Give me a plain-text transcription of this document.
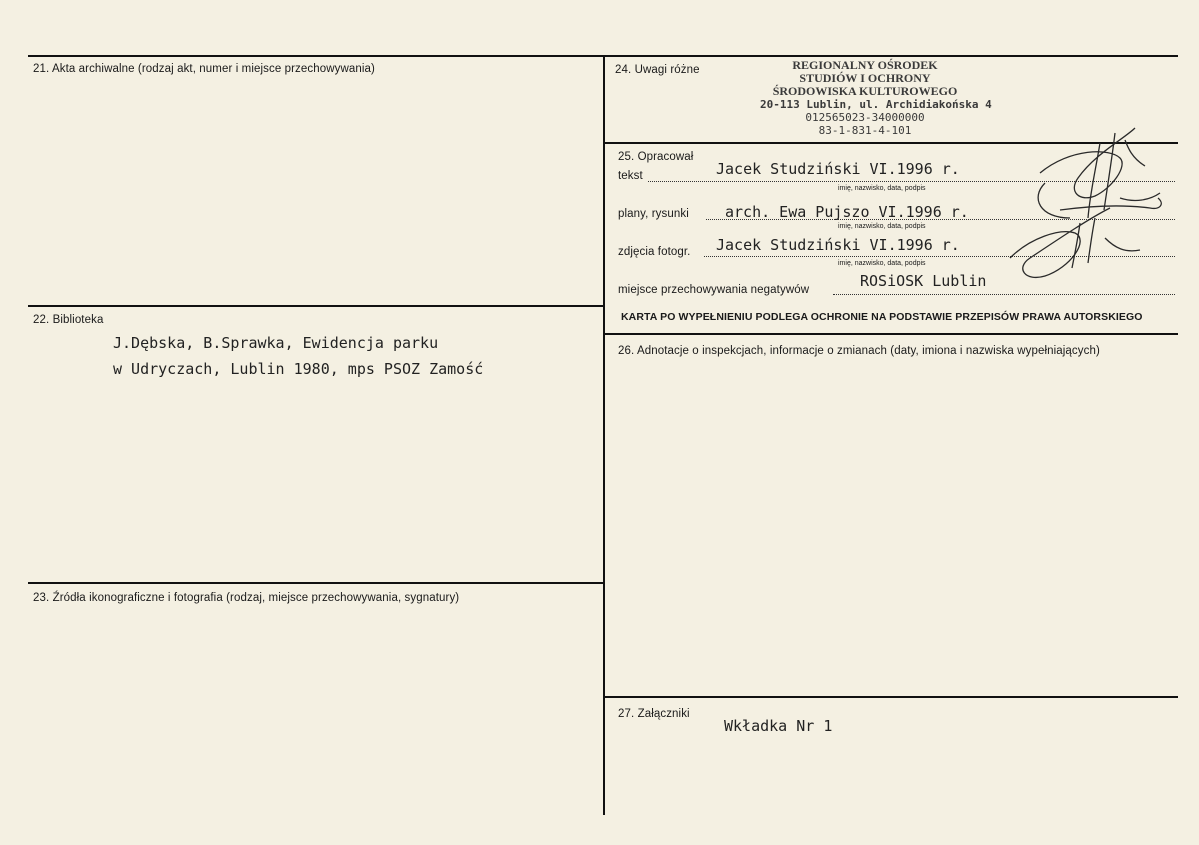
21. Akta archiwalne (rodzaj akt, numer i miejsce przechowywania)
22. Biblioteka
J.Dębska, B.Sprawka, Ewidencja parku
w Udryczach, Lublin 1980, mps PSOZ Zamość
23. Źródła ikonograficzne i fotografia (rodzaj, miejsce przechowywania, sygnatury)
24. Uwagi różne	REGIONALNY OŚRODEK
STUDIÓW I OCHRONY
ŚRODOWISKA KULTUROWEGO
20-113 Lublin, ul. Archidiakońska 4
012565023-34000000
83-1-831-4-101
25. Opracował
tekst	Jacek Studziński VI.1996 r.
imię, nazwisko, data, podpis
plany, rysunki arch. Ewa Pujszo VI.1996 r.
imię, nazwisko, data, podpis
zdjęcia fotogr. Jacek Studziński VI.1996 r.
imię, nazwisko, data, podpis
miejsce przechowywania negatywów	ROSiOSK Lublin
KARTA PO WYPEŁNIENIU PODLEGA OCHRONIE NA PODSTAWIE PRZEPISÓW PRAWA AUTORSKIEGO
26. Adnotacje o inspekcjach, informacje o zmianach (daty, imiona i nazwiska wypełniających)
27. Załączniki
Wkładka Nr 1
